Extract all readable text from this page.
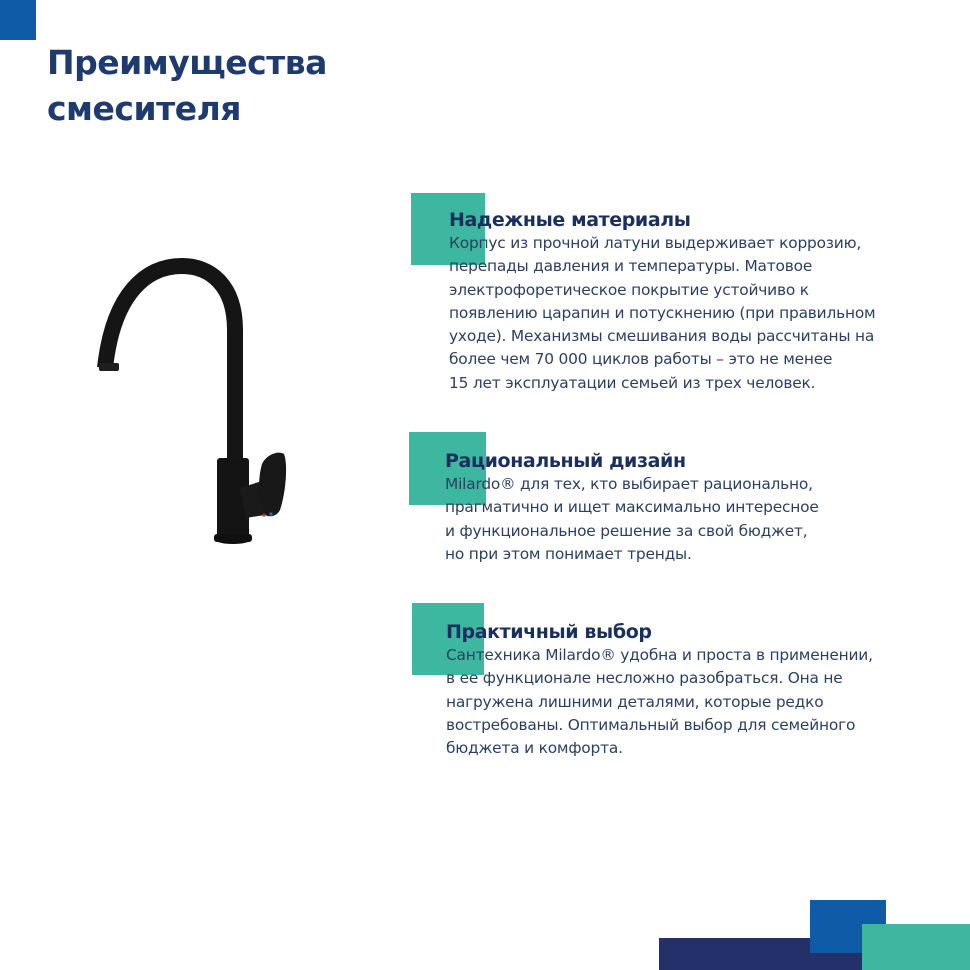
Преимущества
смесителя
Надежные материалы

Корпус из прочной латуни выдерживает коррозию,
перепады давления и температуры. Матовое
электрофоретическое покрытие устойчиво к
появлению царапин и потускнению (при правильном
уходе). Механизмы смешивания воды рассчитаны на
более чем 70 000 циклов работы – это не менее
15 лет эксплуатации семьей из трех человек.

Рациональный дизайн

Milardo® для тех, кто выбирает рационально,
прагматично и ищет максимально интересное
и функциональное решение за свой бюджет,
но при этом понимает тренды.

Практичный выбор

Сантехника Milardo® удобна и проста в применении,
в ее функционале несложно разобраться. Она не
нагружена лишними деталями, которые редко
востребованы. Оптимальный выбор для семейного
бюджета и комфорта.
